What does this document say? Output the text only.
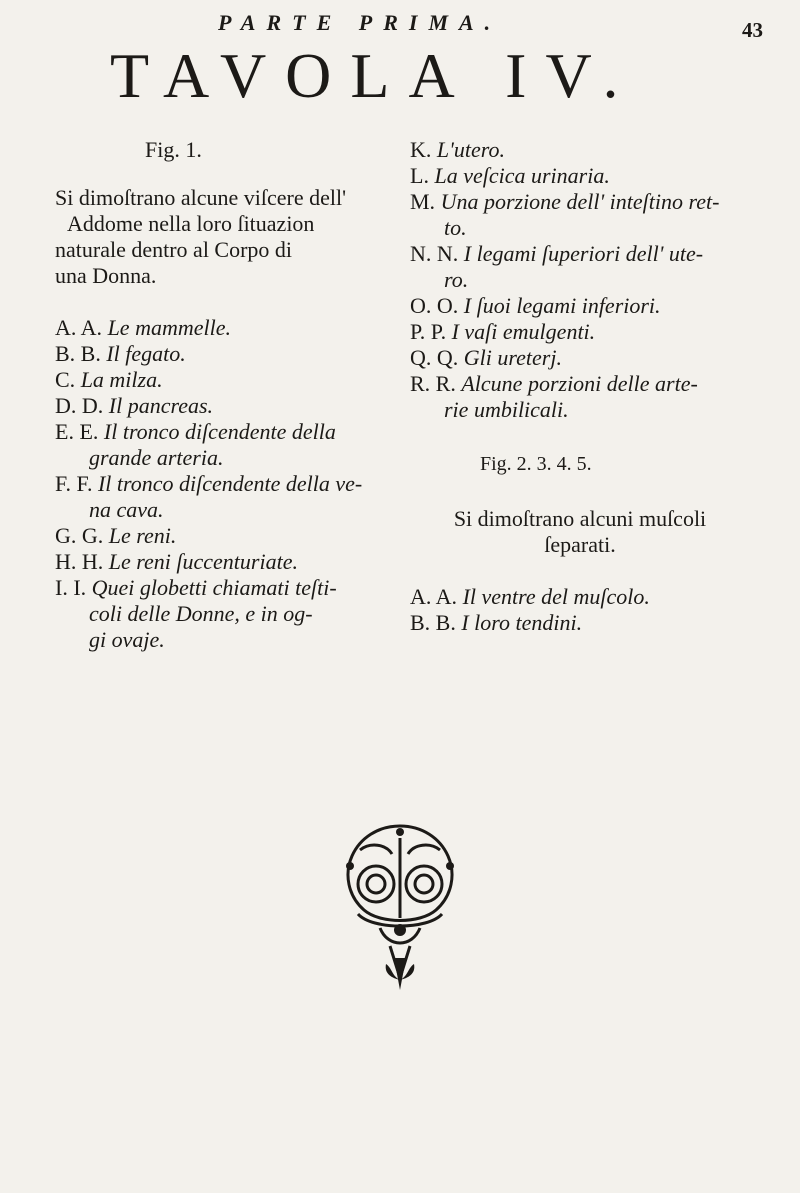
PARTE PRIMA.	43
TAVOLA IV.
Fig. 1.

Si dimoſtrano alcune viſcere dell'
Addome nella loro ſituazion
naturale dentro al Corpo di
una Donna.

A. A. Le mammelle.
B. B. Il fegato.
C. La milza.
D. D. Il pancreas.
E. E. Il tronco diſcendente della
grande arteria.
F. F. Il tronco diſcendente della ve-
na cava.
G. G. Le reni.
H. H. Le reni ſuccenturiate.
I. I. Quei globetti chiamati teſti-
coli delle Donne, e in og-
gi ovaje.
K. L'utero.
L. La veſcica urinaria.
M. Una porzione dell' inteſtino ret-
to.
N. N. I legami ſuperiori dell' ute-
ro.
O. O. I ſuoi legami inferiori.
P. P. I vaſi emulgenti.
Q. Q. Gli ureterj.
R. R. Alcune porzioni delle arte-
rie umbilicali.
Fig. 2. 3. 4. 5.
Si dimoſtrano alcuni muſcoli
ſeparati.
A. A. Il ventre del muſcolo.
B. B. I loro tendini.
